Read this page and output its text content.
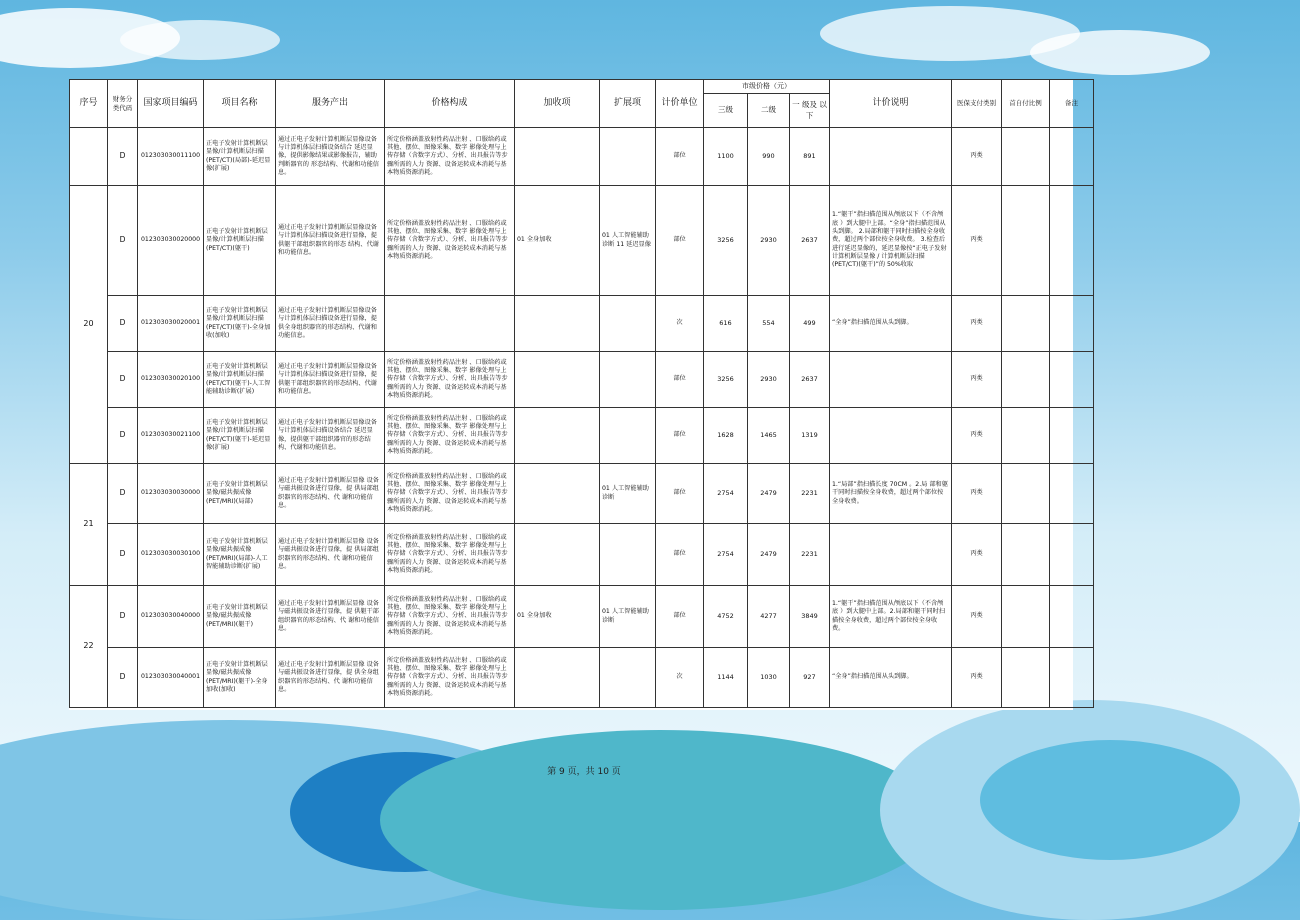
序号	财务分类代码	国家项目编码	项目名称	服务产出	价格构成	加收项	扩展项	计价单位	市级价格（元）			计价说明	医保支付类别	首自付比例	备注
									三级	二级	一 级及 以下				
	D	012303030011100	正电子发射计算机断层显像/计算机断层扫描(PET/CT)(局部)-延迟显像(扩展)	通过正电子发射计算机断层显像设备与计算机体层扫描设备结合 延迟显像，提供影像结果或影像报告，辅助判断器官的 形态结构、代谢和功能信息。	所定价格涵盖放射性药品注射 、口服给药或其他、摆位、图像采集、数字 影像处理与上传存储（含数字方式）、分析、出具报告等步骤所需的人力 资源、设备运转成本消耗与基本物质资源消耗。			部位	1100	990	891		丙类		
20	D	012303030020000	正电子发射计算机断层显像/计算机断层扫描(PET/CT)(躯干)	通过正电子发射计算机断层显像设备与计算机体层扫描设备进行显像，提供躯干部组织器官的形态 结构、代谢和功能信息。	所定价格涵盖放射性药品注射 、口服给药或其他、摆位、图像采集、数字 影像处理与上传存储（含数字方式）、分析、出具报告等步骤所需的人力 资源、设备运转成本消耗与基本物质资源消耗。	01 全身加收	01 人工智能辅助诊断 11 延迟显像	部位	3256	2930	2637	1.“躯干”指扫描范围从颅底以下（不含颅底 ）到大腿中上部。“全身”指扫描范围从头到脚。 2.局部和躯干同时扫描按全身收费，超过两个部位按全身收费。 3.检查后进行延迟显像的，延迟显像按“正电子发射计算机断层显像 / 计算机断层扫描(PET/CT)(躯干)”的 50%收取	丙类		
	D	012303030020001	正电子发射计算机断层显像/计算机断层扫描(PET/CT)(躯干)-全身加收(加收)	通过正电子发射计算机断层显像设备与计算机体层扫描设备进行显像，提供全身组织器官的形态结构、代谢和功能信息。				次	616	554	499	“全身”指扫描范围从头到脚。	丙类		
	D	012303030020100	正电子发射计算机断层显像/计算机断层扫描(PET/CT)(躯干)-人工智能辅助诊断(扩展)	通过正电子发射计算机断层显像设备与计算机体层扫描设备进行显像，提供躯干部组织器官的形态结构、代谢和功能信息。	所定价格涵盖放射性药品注射 、口服给药或其他、摆位、图像采集、数字 影像处理与上传存储（含数字方式）、分析、出具报告等步骤所需的人力 资源、设备运转成本消耗与基本物质资源消耗。			部位	3256	2930	2637		丙类		
	D	012303030021100	正电子发射计算机断层显像/计算机断层扫描(PET/CT)(躯干)-延迟显像(扩展)	通过正电子发射计算机断层显像设备与计算机体层扫描设备结合 延迟显像，提供躯干部组织器官的形态结构、代谢和功能信息。	所定价格涵盖放射性药品注射 、口服给药或其他、摆位、图像采集、数字 影像处理与上传存储（含数字方式）、分析、出具报告等步骤所需的人力 资源、设备运转成本消耗与基本物质资源消耗。			部位	1628	1465	1319		丙类		
21	D	012303030030000	正电子发射计算机断层显像/磁共振成像(PET/MRI)(局部)	通过正电子发射计算机断层显像 设备与磁共振设备进行显像，提 供局部组织器官的形态结构、代 谢和功能信息。	所定价格涵盖放射性药品注射 、口服给药或其他、摆位、图像采集、数字 影像处理与上传存储（含数字方式）、分析、出具报告等步骤所需的人力 资源、设备运转成本消耗与基本物质资源消耗。		01 人工智能辅助 诊断	部位	2754	2479	2231	1.“局部”指扫描长度 70CM 。2.局 部和躯干同时扫描按全身收费，超过两个部位按全身收费。	丙类		
	D	012303030030100	正电子发射计算机断层显像/磁共振成像(PET/MRI)(局部)-人工智能辅助诊断(扩展)	通过正电子发射计算机断层显像 设备与磁共振设备进行显像，提 供局部组织器官的形态结构、代 谢和功能信息。	所定价格涵盖放射性药品注射 、口服给药或其他、摆位、图像采集、数字 影像处理与上传存储（含数字方式）、分析、出具报告等步骤所需的人力 资源、设备运转成本消耗与基本物质资源消耗。			部位	2754	2479	2231		丙类		
22	D	012303030040000	正电子发射计算机断层显像/磁共振成像(PET/MRI)(躯干)	通过正电子发射计算机断层显像 设备与磁共振设备进行显像，提 供躯干部组织器官的形态结构、代 谢和功能信息。	所定价格涵盖放射性药品注射 、口服给药或其他、摆位、图像采集、数字 影像处理与上传存储（含数字方式）、分析、出具报告等步骤所需的人力 资源、设备运转成本消耗与基本物质资源消耗。	01 全身加收	01 人工智能辅助 诊断	部位	4752	4277	3849	1.“躯干”指扫描范围从颅底以下（不含颅底 ）到大腿中上部。2.局部和躯干同时扫描按全身收费，超过两个部位按全身收费。	丙类		
	D	012303030040001	正电子发射计算机断层显像/磁共振成像(PET/MRI)(躯干)-全身加收(加收)	通过正电子发射计算机断层显像 设备与磁共振设备进行显像，提 供全身组织器官的形态结构、代 谢和功能信息。	所定价格涵盖放射性药品注射 、口服给药或其他、摆位、图像采集、数字 影像处理与上传存储（含数字方式）、分析、出具报告等步骤所需的人力 资源、设备运转成本消耗与基本物质资源消耗。			次	1144	1030	927	“全身”指扫描范围从头到脚。	丙类		
第 9 页，共 10 页
